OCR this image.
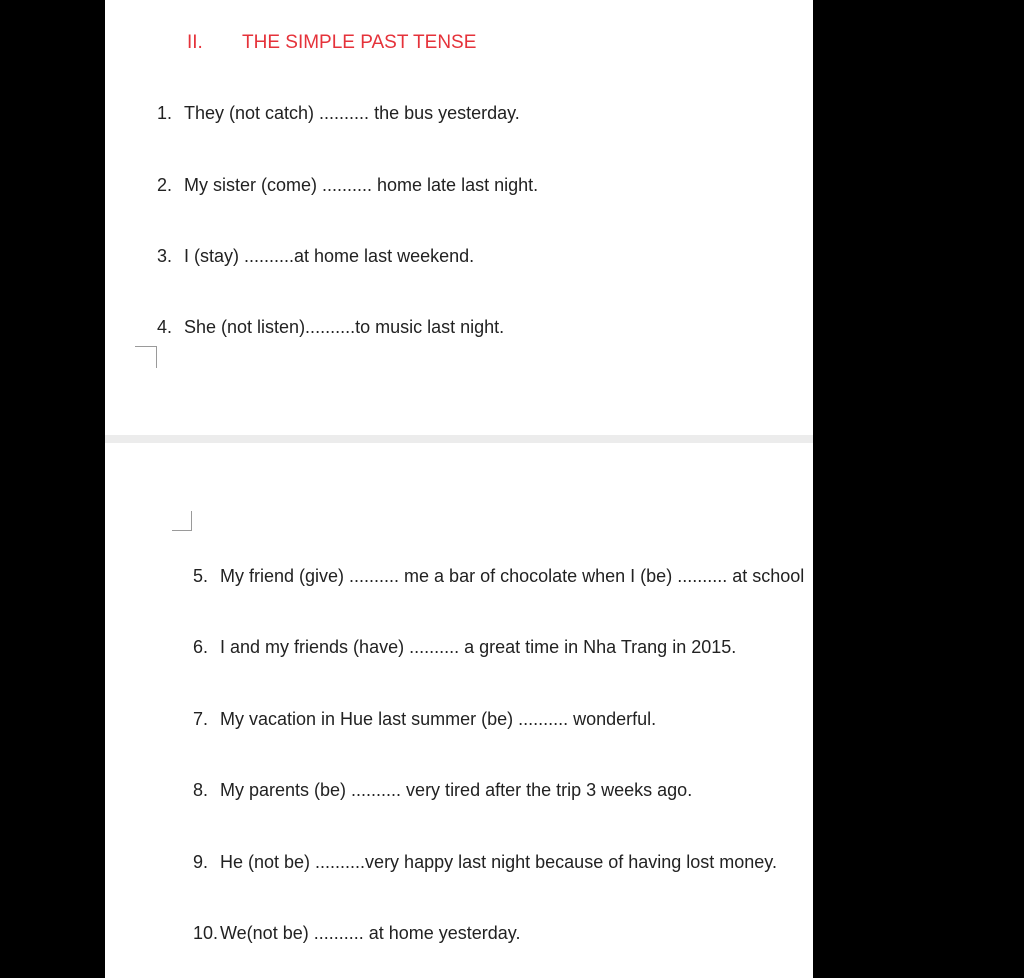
II. THE SIMPLE PAST TENSE
1. They (not catch) .......... the bus yesterday.
2. My sister (come) .......... home late last night.
3. I (stay) ..........at home last weekend.
4. She (not listen)..........to music last night.
5. My friend (give) .......... me a bar of chocolate when I (be) .......... at school
6. I and my friends (have) .......... a great time in Nha Trang in 2015.
7. My vacation in Hue last summer (be) .......... wonderful.
8. My parents (be) .......... very tired after the trip 3 weeks ago.
9. He (not be) ..........very happy last night because of having lost money.
10. We(not be) .......... at home yesterday.
